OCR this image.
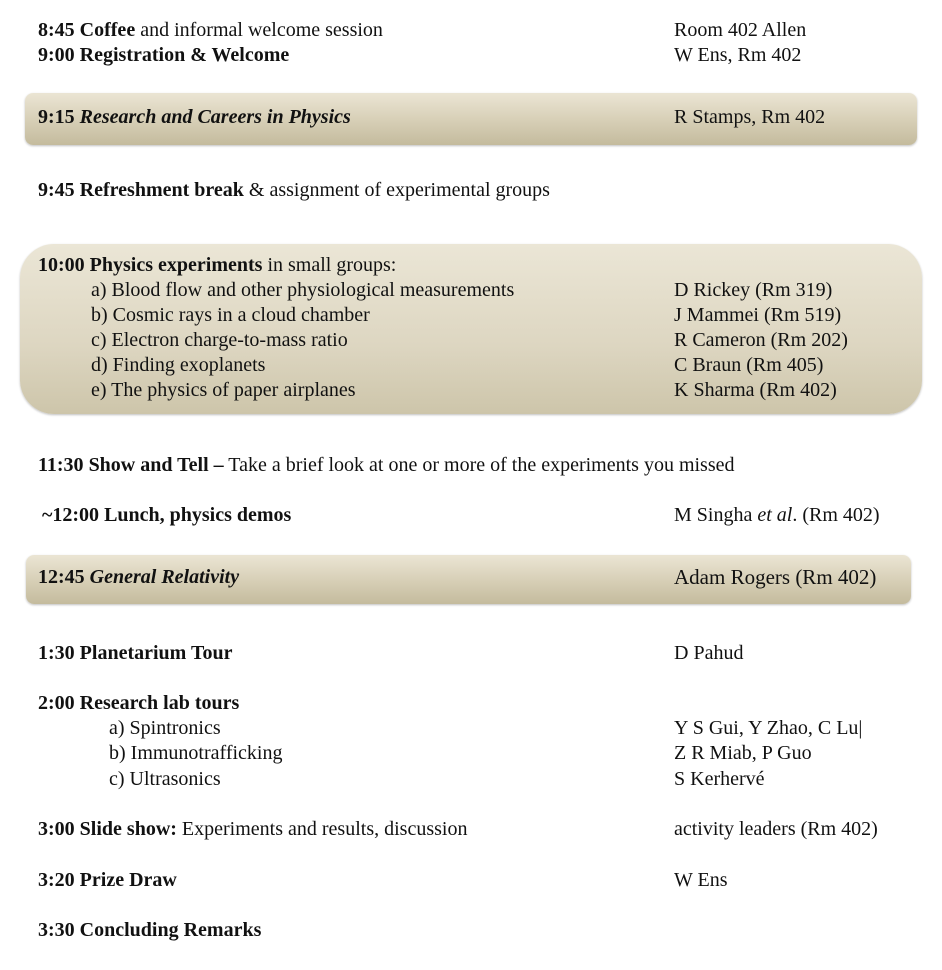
8:45 Coffee and informal welcome session	Room 402 Allen
9:00 Registration & Welcome	W Ens, Rm 402
9:15 Research and Careers in Physics	R Stamps, Rm 402
9:45 Refreshment break & assignment of experimental groups
10:00 Physics experiments in small groups:
a) Blood flow and other physiological measurements	D Rickey (Rm 319)
b) Cosmic rays in a cloud chamber	J Mammei (Rm 519)
c) Electron charge-to-mass ratio	R Cameron (Rm 202)
d) Finding exoplanets	C Braun (Rm 405)
e) The physics of paper airplanes	K Sharma (Rm 402)
11:30 Show and Tell – Take a brief look at one or more of the experiments you missed
~12:00 Lunch, physics demos	M Singha et al. (Rm 402)
12:45 General Relativity	Adam Rogers (Rm 402)
1:30 Planetarium Tour	D Pahud
2:00 Research lab tours
a) Spintronics	Y S Gui, Y Zhao, C Lu|
b) Immunotrafficking	Z R Miab, P Guo
c) Ultrasonics	S Kerhervé
3:00 Slide show: Experiments and results, discussion	activity leaders (Rm 402)
3:20 Prize Draw	W Ens
3:30 Concluding Remarks
